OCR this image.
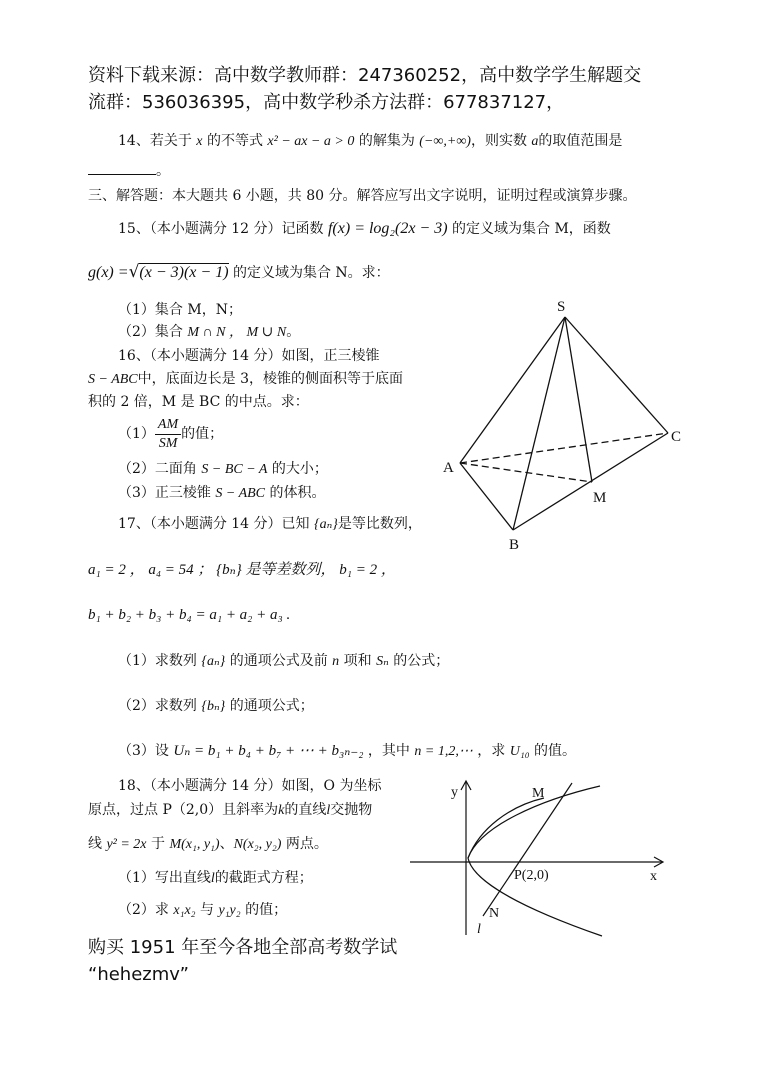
资料下载来源：高中数学教师群：247360252，高中数学学生解题交
流群：536036395，高中数学秒杀方法群：677837127，
14、若关于 x 的不等式 x² − ax − a > 0 的解集为 (−∞,+∞)，则实数 a的取值范围是
。
三、解答题：本大题共 6 小题，共 80 分。解答应写出文字说明，证明过程或演算步骤。
15、（本小题满分 12 分）记函数 f(x) = log₂(2x − 3) 的定义域为集合 M，函数
g(x) =√(x − 3)(x − 1) 的定义域为集合 N。求：
（1）集合 M，N；
（2）集合 M ∩ N ， M ∪ N。
16、（本小题满分 14 分）如图，正三棱锥
S − ABC中，底面边长是 3，棱锥的侧面积等于底面
积的 2 倍，M 是 BC 的中点。求：
$(1) \frac{AM}{SM}$ 的值；
（2）二面角 S − BC − A 的大小；
（3）正三棱锥 S − ABC 的体积。
17、（本小题满分 14 分）已知 {aₙ}是等比数列，
a₁ = 2 ， a₄ = 54 ； {bₙ} 是等差数列， b₁ = 2 ，
b₁ + b₂ + b₃ + b₄ = a₁ + a₂ + a₃ .
（1）求数列 {aₙ} 的通项公式及前 n 项和 Sₙ 的公式；
（2）求数列 {bₙ} 的通项公式；
（3）设 Uₙ = b₁ + b₄ + b₇ + ⋯ + b₃ₙ₋₂ ，其中 n = 1,2,⋯ ，求 U₁₀ 的值。
18、（本小题满分 14 分）如图，O 为坐标
原点，过点 P（2,0）且斜率为k的直线l交抛物
线 y² = 2x 于 M(x₁, y₁)、N(x₂, y₂) 两点。
（1）写出直线l的截距式方程；
（2）求 x₁x₂ 与 y₁y₂ 的值；
购买 1951 年至今各地全部高考数学试
“hehezmv”
S
A
B
C
M
y
x
M
P(2,0)
N
l
